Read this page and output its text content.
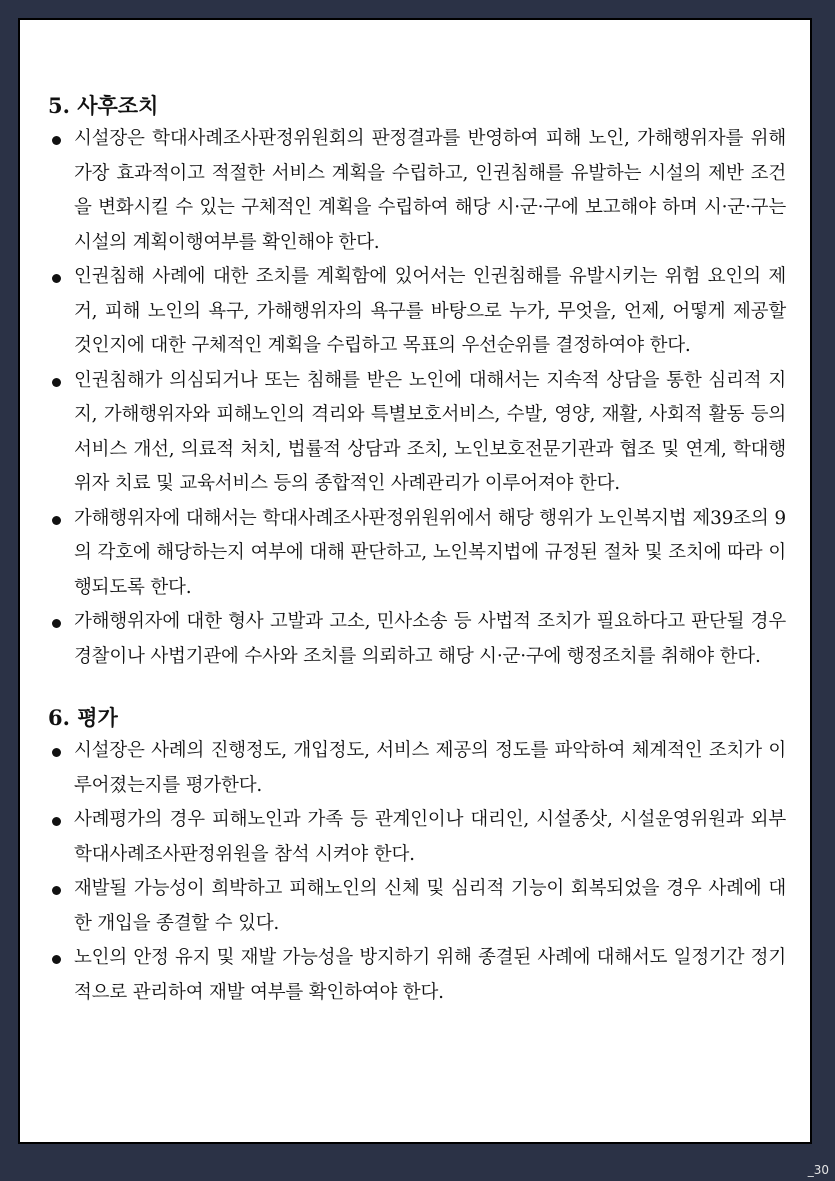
5. 사후조치
시설장은 학대사례조사판정위원회의 판정결과를 반영하여 피해 노인, 가해행위자를 위해 가장 효과적이고 적절한 서비스 계획을 수립하고, 인권침해를 유발하는 시설의 제반 조건을 변화시킬 수 있는 구체적인 계획을 수립하여 해당 시·군·구에 보고해야 하며 시·군·구는 시설의 계획이행여부를 확인해야 한다.
인권침해 사례에 대한 조치를 계획함에 있어서는 인권침해를 유발시키는 위험 요인의 제거, 피해 노인의 욕구, 가해행위자의 욕구를 바탕으로 누가, 무엇을, 언제, 어떻게 제공할 것인지에 대한 구체적인 계획을 수립하고 목표의 우선순위를 결정하여야 한다.
인권침해가 의심되거나 또는 침해를 받은 노인에 대해서는 지속적 상담을 통한 심리적 지지, 가해행위자와 피해노인의 격리와 특별보호서비스, 수발, 영양, 재활, 사회적 활동 등의 서비스 개선, 의료적 처치, 법률적 상담과 조치, 노인보호전문기관과 협조 및 연계, 학대행위자 치료 및 교육서비스 등의 종합적인 사례관리가 이루어져야 한다.
가해행위자에 대해서는 학대사례조사판정위원위에서 해당 행위가 노인복지법 제39조의 9의 각호에 해당하는지 여부에 대해 판단하고, 노인복지법에 규정된 절차 및 조치에 따라 이행되도록 한다.
가해행위자에 대한 형사 고발과 고소, 민사소송 등 사법적 조치가 필요하다고 판단될 경우 경찰이나 사법기관에 수사와 조치를 의뢰하고 해당 시·군·구에 행정조치를 취해야 한다.
6. 평가
시설장은 사례의 진행정도, 개입정도, 서비스 제공의 정도를 파악하여 체계적인 조치가 이루어졌는지를 평가한다.
사례평가의 경우 피해노인과 가족 등 관계인이나 대리인, 시설종삿, 시설운영위원과 외부 학대사례조사판정위원을 참석 시켜야 한다.
재발될 가능성이 희박하고 피해노인의 신체 및 심리적 기능이 회복되었을 경우 사례에 대한 개입을 종결할 수 있다.
노인의 안정 유지 및 재발 가능성을 방지하기 위해 종결된 사례에 대해서도 일정기간 정기적으로 관리하여 재발 여부를 확인하여야 한다.
_30
